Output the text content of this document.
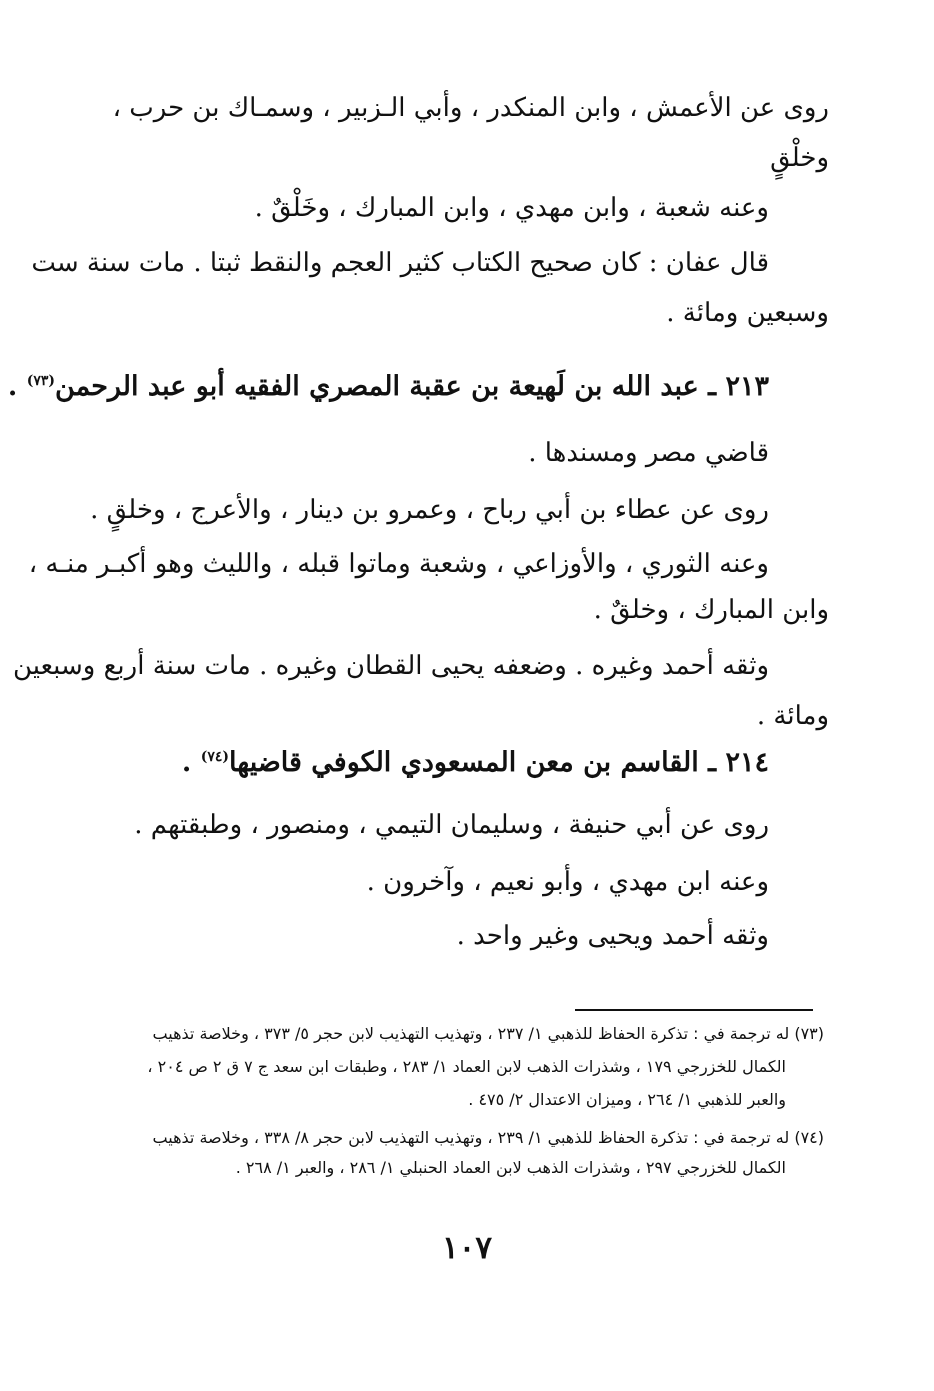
روى عن الأعمش ، وابن المنكدر ، وأبي الـزبير ، وسمـاك بن حرب ،
وخلْقٍ
وعنه شعبة ، وابن مهدي ، وابن المبارك ، وخَلْقٌ .
قال عفان : كان صحيح الكتاب كثير العجم والنقط ثبتا . مات سنة ست
وسبعين ومائة .
٢١٣ ـ عبد الله بن لَهيعة بن عقبة المصري الفقيه أبو عبد الرحمن$^{(٧٣)}$ .
قاضي مصر ومسندها .
روى عن عطاء بن أبي رباح ، وعمرو بن دينار ، والأعرج ، وخلقٍ .
وعنه الثوري ، والأوزاعي ، وشعبة وماتوا قبله ، والليث وهو أكبـر منـه ،
وابن المبارك ، وخلقٌ .
وثقه أحمد وغيره . وضعفه يحيى القطان وغيره . مات سنة أربع وسبعين
ومائة .
٢١٤ ـ القاسم بن معن المسعودي الكوفي قاضيها$^{(٧٤)}$ .
روى عن أبي حنيفة ، وسليمان التيمي ، ومنصور ، وطبقتهم .
وعنه ابن مهدي ، وأبو نعيم ، وآخرون .
وثقه أحمد ويحيى وغير واحد .
(٧٣) له ترجمة في : تذكرة الحفاظ للذهبي ١/ ٢٣٧ ، وتهذيب التهذيب لابن حجر ٥/ ٣٧٣ ، وخلاصة تذهيب
الكمال للخزرجي ١٧٩ ، وشذرات الذهب لابن العماد ١/ ٢٨٣ ، وطبقات ابن سعد ج ٧ ق ٢ ص ٢٠٤ ،
والعبر للذهبي ١/ ٢٦٤ ، وميزان الاعتدال ٢/ ٤٧٥ .
(٧٤) له ترجمة في : تذكرة الحفاظ للذهبي ١/ ٢٣٩ ، وتهذيب التهذيب لابن حجر ٨/ ٣٣٨ ، وخلاصة تذهيب
الكمال للخزرجي ٢٩٧ ، وشذرات الذهب لابن العماد الحنبلي ١/ ٢٨٦ ، والعبر ١/ ٢٦٨ .
١٠٧
